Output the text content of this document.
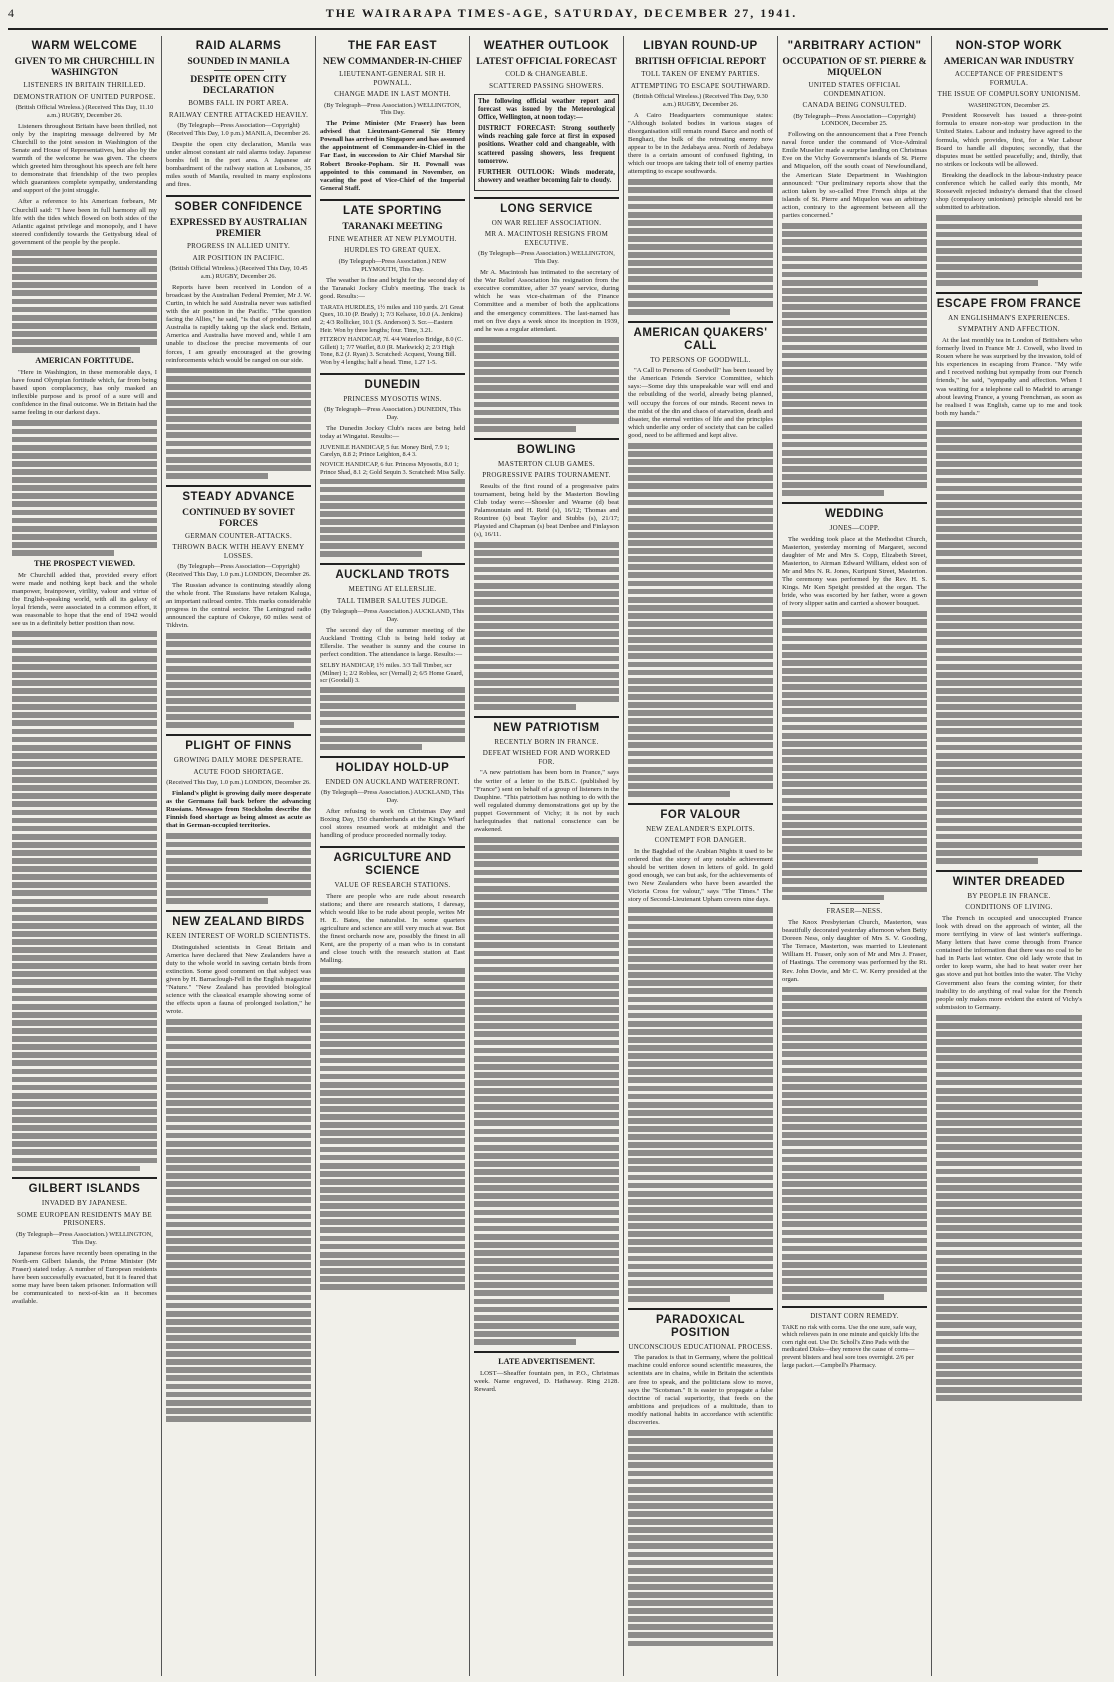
4	THE WAIRARAPA TIMES-AGE, SATURDAY, DECEMBER 27, 1941.
WARM WELCOME
GIVEN TO MR CHURCHILL IN WASHINGTON
LISTENERS IN BRITAIN THRILLED.
DEMONSTRATION OF UNITED PURPOSE.
(British Official Wireless.) (Received This Day, 11.10 a.m.) RUGBY, December 26.

Listeners throughout Britain have been thrilled, not only by the inspiring message delivered by Mr Churchill to the joint session in Washington of the Senate and House of Representatives, but also by the warmth of the welcome he was given. The cheers which greeted him throughout his speech are felt here to demonstrate that friendship of the two peoples which guarantees complete sympathy, understanding and support of the joint struggle.

After a reference to his American forbears, Mr Churchill said: "I have been in full harmony all my life with the tides which flowed on both sides of the Atlantic against privilege and monopoly, and I have steered confidently towards the Gettysburg ideal of government of the people by the people.

AMERICAN FORTITUDE.

"Here in Washington, in these memorable days, I have found Olympian fortitude which, far from being based upon complacency, has only masked an inflexible purpose and is proof of a sure will and confidence in the final outcome. We in Britain had the same feeling in our darkest days.

THE PROSPECT VIEWED.

Mr Churchill added that, provided every effort were made and nothing kept back and the whole manpower, brainpower, virility, valour and virtue of the English-speaking world, with all its galaxy of loyal friends, were associated in a common effort, it was reasonable to hope that the end of 1942 would see us in a definitely better position than now.

GILBERT ISLANDS
INVADED BY JAPANESE.
SOME EUROPEAN RESIDENTS MAY BE PRISONERS.
(By Telegraph—Press Association.) WELLINGTON, This Day.

Japanese forces have recently been operating in the North-ern Gilbert Islands, the Prime Minister (Mr Fraser) stated today. A number of European residents have been successfully evacuated, but it is feared that some may have been taken prisoner. Information will be communicated to next-of-kin as it becomes available.

RAID ALARMS
SOUNDED IN MANILA
DESPITE OPEN CITY DECLARATION
BOMBS FALL IN PORT AREA.
RAILWAY CENTRE ATTACKED HEAVILY.
(By Telegraph—Press Association—Copyright) (Received This Day, 1.0 p.m.) MANILA, December 26.

Despite the open city declaration, Manila was under almost constant air raid alarms today. Japanese bombs fell in the port area. A Japanese air bombardment of the railway station at Losbanos, 35 miles south of Manila, resulted in many explosions and fires.

SOBER CONFIDENCE
EXPRESSED BY AUSTRALIAN PREMIER
PROGRESS IN ALLIED UNITY.
AIR POSITION IN PACIFIC.
(British Official Wireless.) (Received This Day, 10.45 a.m.) RUGBY, December 26.

Reports have been received in London of a broadcast by the Australian Federal Premier, Mr J. W. Curtin, in which he said Australia never was satisfied with the air position in the Pacific. "The question facing the Allies," he said, "is that of production and Australia is rapidly taking up the slack end. Britain, America and Australia have moved and, while I am unable to disclose the precise movements of our forces, I am greatly encouraged at the growing reinforcements which would be ranged on our side.

STEADY ADVANCE
CONTINUED BY SOVIET FORCES
GERMAN COUNTER-ATTACKS.
THROWN BACK WITH HEAVY ENEMY LOSSES.
(By Telegraph—Press Association—Copyright) (Received This Day, 1.0 p.m.) LONDON, December 26.

The Russian advance is continuing steadily along the whole front. The Russians have retaken Kaluga, an important railroad centre. This marks considerable progress in the central sector. The Leningrad radio announced the capture of Oskoye, 60 miles west of Tikhvin.

PLIGHT OF FINNS
GROWING DAILY MORE DESPERATE.
ACUTE FOOD SHORTAGE.
(Received This Day, 1.0 p.m.) LONDON, December 26.

Finland's plight is growing daily more desperate as the Germans fail back before the advancing Russians. Messages from Stockholm describe the Finnish food shortage as being almost as acute as that in German-occupied territories.

NEW ZEALAND BIRDS
KEEN INTEREST OF WORLD SCIENTISTS.

Distinguished scientists in Great Britain and America have declared that New Zealanders have a duty to the whole world in saving certain birds from extinction. Some good comment on that subject was given by H. Barraclough-Fell in the English magazine "Nature." "New Zealand has provided biological science with the classical example showing some of the effects upon a fauna of prolonged isolation," he wrote.

THE FAR EAST
NEW COMMANDER-IN-CHIEF
LIEUTENANT-GENERAL SIR H. POWNALL.
CHANGE MADE IN LAST MONTH.
(By Telegraph—Press Association.) WELLINGTON, This Day.

The Prime Minister (Mr Fraser) has been advised that Lieutenant-General Sir Henry Pownall has arrived in Singapore and has assumed the appointment of Commander-in-Chief in the Far East, in succession to Air Chief Marshal Sir Robert Brooke-Popham. Sir H. Pownall was appointed to this command in November, on vacating the post of Vice-Chief of the Imperial General Staff.

LATE SPORTING
TARANAKI MEETING
FINE WEATHER AT NEW PLYMOUTH.
HURDLES TO GREAT QUEX.
(By Telegraph—Press Association.) NEW PLYMOUTH, This Day.

The weather is fine and bright for the second day of the Taranaki Jockey Club's meeting. The track is good. Results:—

TARATA HURDLES, 1½ miles and 110 yards. 2/1 Great Quex, 10.10 (P. Brady) 1; 7/3 Kelsaxe, 10.0 (A. Jenkins) 2; 4/3 Rollicker, 10.1 (S. Anderson) 3. Scr.—Eastern Heir. Won by three lengths; four. Time, 3.21.

FITZROY HANDICAP, 7f. 4/4 Waterloo Bridge, 8.0 (C. Gillett) 1; 7/7 Waiflet, 8.0 (R. Markwick) 2; 2/3 High Tone, 8.2 (J. Ryan) 3. Scratched: Acquest, Young Bill. Won by 4 lengths; half a head. Time, 1.27 1-5.

DUNEDIN
PRINCESS MYOSOTIS WINS.
(By Telegraph—Press Association.) DUNEDIN, This Day.

The Dunedin Jockey Club's races are being held today at Wingatui. Results:—

JUVENILE HANDICAP, 5 fur. Money Bird, 7.9 1; Carelyn, 8.8 2; Prince Leighton, 8.4 3.

NOVICE HANDICAP, 6 fur. Princess Myosotis, 8.0 1; Prince Shad, 8.1 2; Gold Sequin 3. Scratched: Miss Sally.

AUCKLAND TROTS
MEETING AT ELLERSLIE.
TALL TIMBER SALUTES JUDGE.
(By Telegraph—Press Association.) AUCKLAND, This Day.

The second day of the summer meeting of the Auckland Trotting Club is being held today at Ellerslie. The weather is sunny and the course in perfect condition. The attendance is large. Results:—

SELBY HANDICAP, 1½ miles. 3/3 Tall Timber, scr (Milner) 1; 2/2 Roblea, scr (Vernall) 2; 6/5 Home Guard, scr (Goodall) 3.

HOLIDAY HOLD-UP
ENDED ON AUCKLAND WATERFRONT.
(By Telegraph—Press Association.) AUCKLAND, This Day.

After refusing to work on Christmas Day and Boxing Day, 150 chamberhands at the King's Wharf cool stores resumed work at midnight and the handling of produce proceeded normally today.

AGRICULTURE AND SCIENCE
VALUE OF RESEARCH STATIONS.

There are people who are rude about research stations; and there are research stations, I daresay, which would like to be rude about people, writes Mr H. E. Bates, the naturalist. In some quarters agriculture and science are still very much at war. But the finest orchards now are, possibly the finest in all Kent, are the property of a man who is in constant and close touch with the research station at East Malling.

WEATHER OUTLOOK
LATEST OFFICIAL FORECAST
COLD & CHANGEABLE.
SCATTERED PASSING SHOWERS.

The following official weather report and forecast was issued by the Meteorological Office, Wellington, at noon today:—

DISTRICT FORECAST: Strong southerly winds reaching gale force at first in exposed positions. Weather cold and changeable, with scattered passing showers, less frequent tomorrow.

FURTHER OUTLOOK: Winds moderate, showery and weather becoming fair to cloudy.

LONG SERVICE
ON WAR RELIEF ASSOCIATION.
MR A. MACINTOSH RESIGNS FROM EXECUTIVE.
(By Telegraph—Press Association.) WELLINGTON, This Day.

Mr A. Macintosh has intimated to the secretary of the War Relief Association his resignation from the executive committee, after 37 years' service, during which he was vice-chairman of the Finance Committee and a member of both the applications and the emergency committees. The last-named has met on five days a week since its inception in 1939, and he was a regular attendant.

BOWLING
MASTERTON CLUB GAMES.
PROGRESSIVE PAIRS TOURNAMENT.

Results of the first round of a progressive pairs tournament, being held by the Masterton Bowling Club today were:—Shoesler and Wearne (d) beat Palamountain and H. Reid (s), 16/12; Thomas and Rountree (s) beat Taylor and Stubbs (s), 21/17; Playsted and Chapman (s) beat Denbee and Finlayson (s), 16/11.

NEW PATRIOTISM
RECENTLY BORN IN FRANCE.
DEFEAT WISHED FOR AND WORKED FOR.

"A new patriotism has been born in France," says the writer of a letter to the B.B.C. (published by "France") sent on behalf of a group of listeners in the Dauphine. "This patriotism has nothing to do with the well regulated dummy demonstrations got up by the puppet Government of Vichy; it is not by such harlequinades that national conscience can be awakened.

LATE ADVERTISEMENT.

LOST—Sheaffer fountain pen, in P.O., Christmas week. Name engraved, D. Hathaway. Ring 2128. Reward.

LIBYAN ROUND-UP
BRITISH OFFICIAL REPORT
TOLL TAKEN OF ENEMY PARTIES.
ATTEMPTING TO ESCAPE SOUTHWARD.
(British Official Wireless.) (Received This Day, 9.30 a.m.) RUGBY, December 26.

A Cairo Headquarters communique states: "Although isolated bodies in various stages of disorganisation still remain round Barce and north of Benghazi, the bulk of the retreating enemy now appear to be in the Jedabaya area. North of Jedabaya there is a certain amount of confused fighting, in which our troops are taking their toll of enemy parties attempting to escape southwards.

AMERICAN QUAKERS' CALL
TO PERSONS OF GOODWILL.

"A Call to Persons of Goodwill" has been issued by the American Friends Service Committee, which says:—Some day this unspeakable war will end and the rebuilding of the world, already being planned, will occupy the forces of our minds. Recent news in the midst of the din and chaos of starvation, death and disaster, the eternal verities of life and the principles which underlie any order of society that can be called good, need to be affirmed and kept alive.

FOR VALOUR
NEW ZEALANDER'S EXPLOITS.
CONTEMPT FOR DANGER.

In the Baghdad of the Arabian Nights it used to be ordered that the story of any notable achievement should be written down in letters of gold. In gold good enough, we can but ask, for the achievements of two New Zealanders who have been awarded the Victoria Cross for valour," says "The Times." The story of Second-Lieutenant Upham covers nine days.

PARADOXICAL POSITION
UNCONSCIOUS EDUCATIONAL PROCESS.

The paradox is that in Germany, where the political machine could enforce sound scientific measures, the scientists are in chains, while in Britain the scientists are free to speak, and the politicians slow to move, says the "Scotsman." It is easier to propagate a false doctrine of racial superiority, that feeds on the ambitions and prejudices of a multitude, than to modify national habits in accordance with scientific discoveries.

"ARBITRARY ACTION"
OCCUPATION OF ST. PIERRE & MIQUELON
UNITED STATES OFFICIAL CONDEMNATION.
CANADA BEING CONSULTED.
(By Telegraph—Press Association—Copyright) LONDON, December 25.

Following on the announcement that a Free French naval force under the command of Vice-Admiral Emile Muselier made a surprise landing on Christmas Eve on the Vichy Government's islands of St. Pierre and Miquelon, off the south coast of Newfoundland, the American State Department in Washington announced: "Our preliminary reports show that the action taken by so-called Free French ships at the islands of St. Pierre and Miquelon was an arbitrary action, contrary to the agreement between all the parties concerned."

WEDDING
JONES—COPP.

The wedding took place at the Methodist Church, Masterton, yesterday morning of Margaret, second daughter of Mr and Mrs S. Copp, Elizabeth Street, Masterton, to Airman Edward William, eldest son of Mr and Mrs N. R. Jones, Kuripuni Street, Masterton. The ceremony was performed by the Rev. H. S. Kings. Mr Ken Speight presided at the organ. The bride, who was escorted by her father, wore a gown of ivory slipper satin and carried a shower bouquet.

FRASER—NESS.

The Knox Presbyterian Church, Masterton, was beautifully decorated yesterday afternoon when Betty Doreen Ness, only daughter of Mrs S. V. Gooding, The Terrace, Masterton, was married to Lieutenant William H. Fraser, only son of Mr and Mrs J. Fraser, of Hastings. The ceremony was performed by the Rt. Rev. John Dovie, and Mr C. W. Kerry presided at the organ.

DISTANT CORN REMEDY.

TAKE no risk with corns. Use the one sure, safe way, which relieves pain in one minute and quickly lifts the corn right out. Use Dr. Scholl's Zino Pads with the medicated Disks—they remove the cause of corns—prevent blisters and heal sore toes overnight. 2/6 per large packet.—Campbell's Pharmacy.

NON-STOP WORK
AMERICAN WAR INDUSTRY
ACCEPTANCE OF PRESIDENT'S FORMULA.
THE ISSUE OF COMPULSORY UNIONISM.
WASHINGTON, December 25.

President Roosevelt has issued a three-point formula to ensure non-stop war production in the United States. Labour and industry have agreed to the formula, which provides, first, for a War Labour Board to handle all disputes; secondly, that the disputes must be settled peacefully; and, thirdly, that no strikes or lockouts will be allowed.

Breaking the deadlock in the labour-industry peace conference which he called early this month, Mr Roosevelt rejected industry's demand that the closed shop (compulsory unionism) principle should not be submitted to arbitration.

ESCAPE FROM FRANCE
AN ENGLISHMAN'S EXPERIENCES.
SYMPATHY AND AFFECTION.

At the last monthly tea in London of Britishers who formerly lived in France Mr J. Cowell, who lived in Rouen where he was surprised by the invasion, told of his experiences in escaping from France. "My wife and I received nothing but sympathy from our French friends," he said, "sympathy and affection. When I was waiting for a telephone call to Madrid to arrange about leaving France, a young Frenchman, as soon as he realised I was English, came up to me and took both my hands."

WINTER DREADED
BY PEOPLE IN FRANCE.
CONDITIONS OF LIVING.

The French in occupied and unoccupied France look with dread on the approach of winter, all the more terrifying in view of last winter's sufferings. Many letters that have come through from France contained the information that there was no coal to be had in Paris last winter. One old lady wrote that in order to keep warm, she had to heat water over her gas stove and put hot bottles into the water. The Vichy Government also fears the coming winter, for their inability to do anything of real value for the French people only makes more evident the extent of Vichy's submission to Germany.
